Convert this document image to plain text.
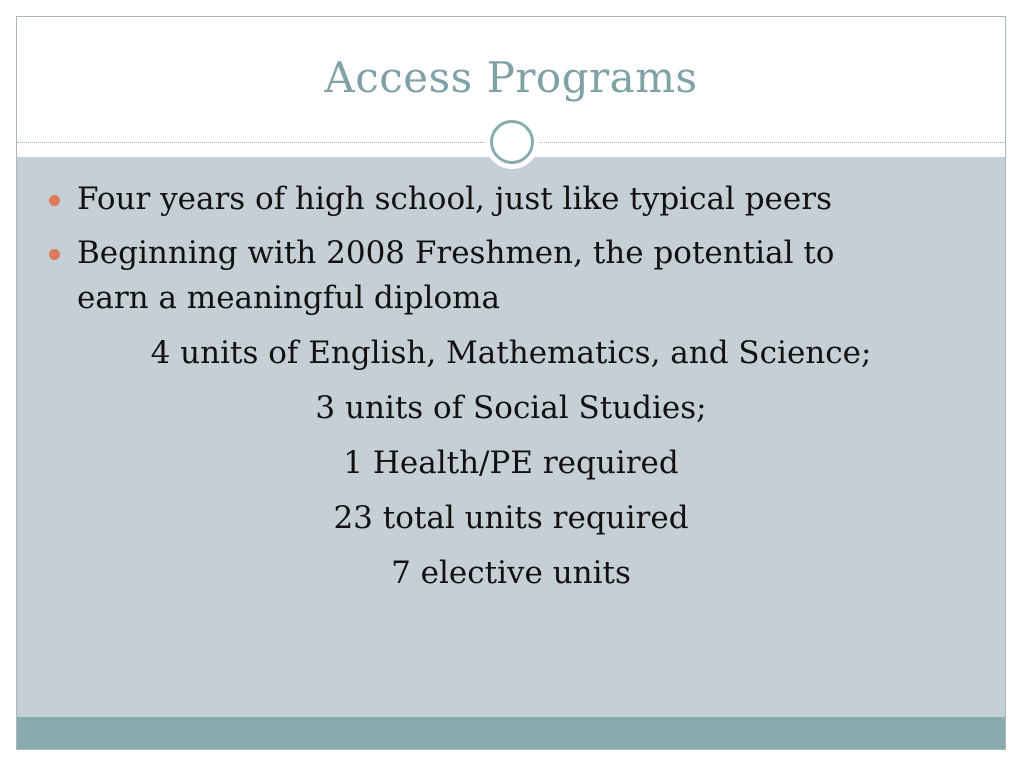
Access Programs
Four years of high school, just like typical peers
Beginning with 2008 Freshmen, the potential to earn a meaningful diploma
4 units of English, Mathematics, and Science;
3 units of Social Studies;
1 Health/PE required
23 total units required
7 elective units
